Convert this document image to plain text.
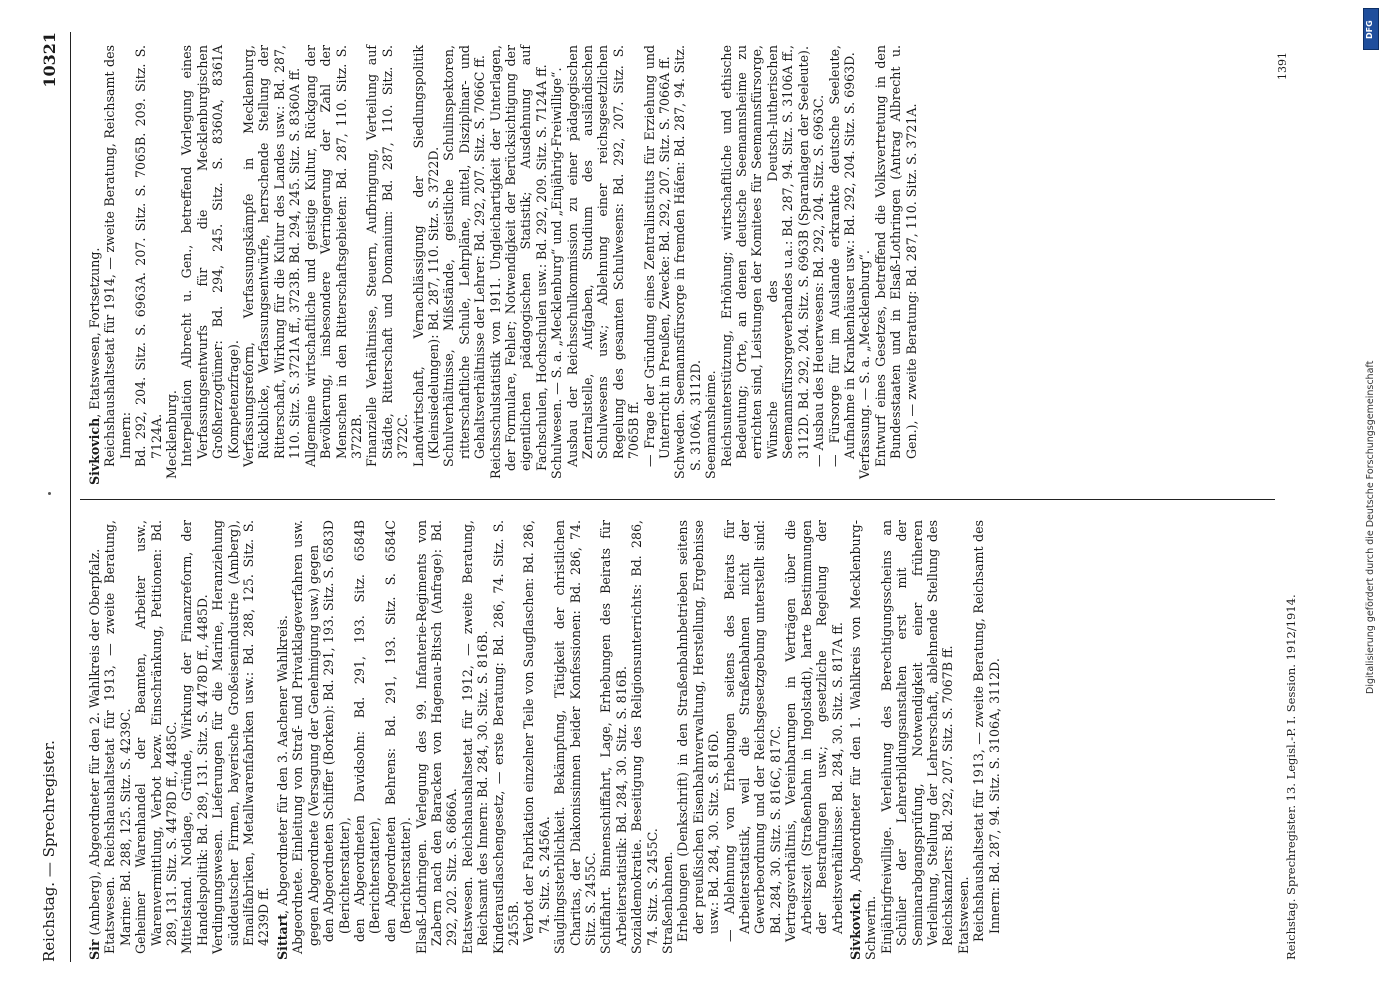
Reichstag. — Sprechregister.
10321
Sir (Amberg), Abgeordneter für den 2. Wahlkreis der Oberpfalz. Etatswesen. Reichshaushaltsetat für 1913, — zweite Beratung, Marine: Bd. 288, 125. Sitz. S. 4239C. Geheimer Warenhandel der Beamten, Arbeiter usw., Warenvermittlung, Verbot bezw. Einschränkung, Petitionen: Bd. 289, 131. Sitz. S. 4478D ff., 4485C. Mittelstand. Notlage, Gründe, Wirkung der Finanzreform, der Handelspolitik: Bd. 289, 131. Sitz. S. 4478D ff., 4485D. Verdingungswesen. Lieferungen für die Marine, Heranziehung süddeutscher Firmen, bayerische Großeisenindustrie (Amberg), Emailfabriken, Metallwarenfabriken usw.: Bd. 288, 125. Sitz. S. 4239D ff. Sittart, Abgeordneter für den 3. Aachener Wahlkreis. Abgeordnete. Einleitung von Straf- und Privatklageverfahren usw. gegen Abgeordnete (Versagung der Genehmigung usw.) gegen den Abgeordneten Schiffer (Borken): Bd. 291, 193. Sitz. S. 6583D (Berichterstatter), den Abgeordneten Davidsohn: Bd. 291, 193. Sitz. 6584B (Berichterstatter), den Abgeordneten Behrens: Bd. 291, 193. Sitz. S. 6584C (Berichterstatter). Elsaß-Lothringen. Verlegung des 99. Infanterie-Regiments von Zabern nach den Baracken von Hagenau-Bitsch (Anfrage): Bd. 292, 202. Sitz. S. 6866A. Etatswesen. Reichshaushaltsetat für 1912, — zweite Beratung, Reichsamt des Innern: Bd. 284, 30. Sitz. S. 816B. Kinderausflaschengesetz, — erste Beratung: Bd. 286, 74. Sitz. S. 2455B. Verbot der Fabrikation einzelner Teile von Saugflaschen: Bd. 286, 74. Sitz. S. 2456A. Säuglingssterblichkeit. Bekämpfung, Tätigkeit der christlichen Charitas, der Diakonissinnen beider Konfessionen: Bd. 286, 74. Sitz. S. 2455C. Schiffahrt. Binnenschiffahrt, Lage, Erhebungen des Beirats für Arbeiterstatistik: Bd. 284, 30. Sitz. S. 816B. Sozialdemokratie. Beseitigung des Religionsunterrichts: Bd. 286, 74. Sitz. S. 2455C. Straßenbahnen. Erhebungen (Denkschrift) in den Straßenbahnbetrieben seitens der preußischen Eisenbahnverwaltung, Herstellung, Ergebnisse usw.: Bd. 284, 30. Sitz. S. 816D. — Ablehnung von Erhebungen seitens des Beirats für Arbeiterstatistik, weil die Straßenbahnen nicht der Gewerbeordnung und der Reichsgesetzgebung unterstellt sind: Bd. 284, 30. Sitz. S. 816C, 817C. Vertragsverhältnis, Vereinbarungen in Verträgen über die Arbeitszeit (Straßenbahn in Ingolstadt), harte Bestimmungen der Bestrafungen usw.; gesetzliche Regelung der Arbeitsverhältnisse: Bd. 284, 30. Sitz. S. 817A ff. Sivkovich, Abgeordneter für den 1. Wahlkreis von Mecklenburg-Schwerin. Einjährigfreiwillige. Verleihung des Berechtigungsscheins an Schüler der Lehrerbildungsanstalten erst mit der Seminarabgangsprüfung, Notwendigkeit einer früheren Verleihung, Stellung der Lehrerschaft, ablehnende Stellung des Reichskanzlers: Bd. 292, 207. Sitz. S. 7067B ff. Etatswesen. Reichshaushaltsetat für 1913, — zweite Beratung, Reichsamt des Innern: Bd. 287, 94. Sitz. S. 3106A, 3112D.
Sivkovich, Etatswesen, Fortsetzung. Reichshaushaltsetat für 1914, — zweite Beratung, Reichsamt des Innern: Bd. 292, 204. Sitz. S. 6963A. 207. Sitz. S. 7065B. 209. Sitz. S. 7124A. Mecklenburg. Interpellation Albrecht u. Gen., betreffend Vorlegung eines Verfassungsentwurfs für die Mecklenburgischen Großherzogtümer: Bd. 294, 245. Sitz. S. 8360A, 8361A (Kompetenzfrage). Verfassungsreform, Verfassungskämpfe in Mecklenburg, Rückblicke, Verfassungsentwürfe, herrschende Stellung der Ritterschaft, Wirkung für die Kultur des Landes usw.: Bd. 287, 110. Sitz. S. 3721A ff., 3723B. Bd. 294, 245. Sitz. S. 8360A ff. Allgemeine wirtschaftliche und geistige Kultur, Rückgang der Bevölkerung, insbesondere Verringerung der Zahl der Menschen in den Ritterschaftsgebieten: Bd. 287, 110. Sitz. S. 3722B. Finanzielle Verhältnisse, Steuern, Aufbringung, Verteilung auf Städte, Ritterschaft und Domanium: Bd. 287, 110. Sitz. S. 3722C. Landwirtschaft, Vernachlässigung der Siedlungspolitik (Kleinsiedelungen): Bd. 287, 110. Sitz. S. 3722D. Schulverhältnisse, Mißstände, geistliche Schulinspektoren, ritterschaftliche Schule, Lehrpläne, mittel, Disziplinar- und Gehaltsverhältnisse der Lehrer: Bd. 292, 207. Sitz. S. 7066C ff. Reichsschulstatistik von 1911. Ungleichartigkeit der Unterlagen, der Formulare, Fehler; Notwendigkeit der Berücksichtigung der eigentlichen pädagogischen Statistik; Ausdehnung auf Fachschulen, Hochschulen usw.: Bd. 292, 209. Sitz. S. 7124A ff. Schulwesen. — S. a. „Mecklenburg“ und „Einjährig-Freiwillige“. Ausbau der Reichsschulkommission zu einer pädagogischen Zentralstelle, Aufgaben, Studium des ausländischen Schulwesens usw.; Ablehnung einer reichsgesetzlichen Regelung des gesamten Schulwesens: Bd. 292, 207. Sitz. S. 7065B ff. — Frage der Gründung eines Zentralinstituts für Erziehung und Unterricht in Preußen, Zwecke: Bd. 292, 207. Sitz. S. 7066A ff. Schweden. Seemannsfürsorge in fremden Häfen: Bd. 287, 94. Sitz. S. 3106A, 3112D. Seemannsheime. Reichsunterstützung, Erhöhung; wirtschaftliche und ethische Bedeutung; Orte, an denen deutsche Seemannsheime zu errichten sind, Leistungen der Komitees für Seemannsfürsorge, Wünsche des Deutsch-lutherischen Seemannsfürsorgeverbandes u.a.: Bd. 287, 94. Sitz. S. 3106A ff., 3112D. Bd. 292, 204. Sitz. S. 6963B (Sparanlagen der Seeleute). — Ausbau des Heuerwesens: Bd. 292, 204. Sitz. S. 6963C. — Fürsorge für im Auslande erkrankte deutsche Seeleute, Aufnahme in Krankenhäuser usw.: Bd. 292, 204. Sitz. S. 6963D. Verfassung. — S. a. „Mecklenburg“. Entwurf eines Gesetzes, betreffend die Volksvertretung in den Bundesstaaten und in Elsaß-Lothringen (Antrag Albrecht u. Gen.), — zweite Beratung: Bd. 287, 110. Sitz. S. 3721A.
Reichstag. Sprechregister. 13. Legisl.-P. I. Session. 1912/1914.
1391
DFG
Digitalisierung gefördert durch die Deutsche Forschungsgemeinschaft
